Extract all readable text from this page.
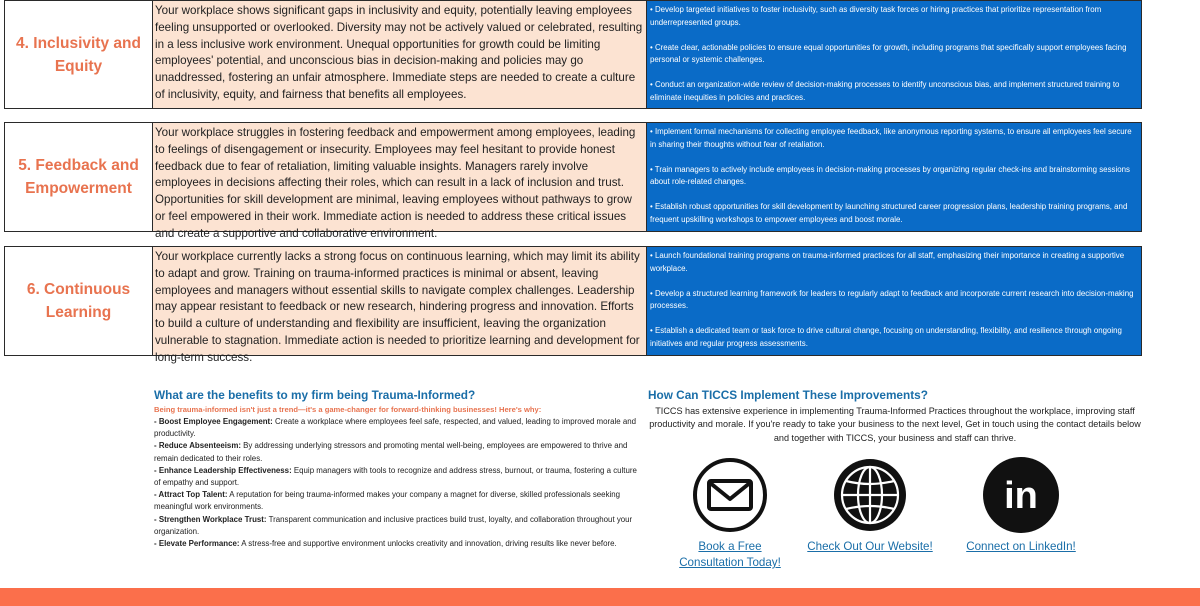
4. Inclusivity and
Equity
Your workplace shows significant gaps in inclusivity and equity, potentially leaving employees feeling unsupported or overlooked. Diversity may not be actively valued or celebrated, resulting in a less inclusive work environment. Unequal opportunities for growth could be limiting employees' potential, and unconscious bias in decision-making and policies may go unaddressed, fostering an unfair atmosphere. Immediate steps are needed to create a culture of inclusivity, equity, and fairness that benefits all employees.
• Develop targeted initiatives to foster inclusivity, such as diversity task forces or hiring practices that prioritize representation from underrepresented groups.
• Create clear, actionable policies to ensure equal opportunities for growth, including programs that specifically support employees facing personal or systemic challenges.
• Conduct an organization-wide review of decision-making processes to identify unconscious bias, and implement structured training to eliminate inequities in policies and practices.
5. Feedback and
Empowerment
Your workplace struggles in fostering feedback and empowerment among employees, leading to feelings of disengagement or insecurity. Employees may feel hesitant to provide honest feedback due to fear of retaliation, limiting valuable insights. Managers rarely involve employees in decisions affecting their roles, which can result in a lack of inclusion and trust. Opportunities for skill development are minimal, leaving employees without pathways to grow or feel empowered in their work. Immediate action is needed to address these critical issues and create a supportive and collaborative environment.
• Implement formal mechanisms for collecting employee feedback, like anonymous reporting systems, to ensure all employees feel secure in sharing their thoughts without fear of retaliation.
• Train managers to actively include employees in decision-making processes by organizing regular check-ins and brainstorming sessions about role-related changes.
• Establish robust opportunities for skill development by launching structured career progression plans, leadership training programs, and frequent upskilling workshops to empower employees and boost morale.
6. Continuous
Learning
Your workplace currently lacks a strong focus on continuous learning, which may limit its ability to adapt and grow. Training on trauma-informed practices is minimal or absent, leaving employees and managers without essential skills to navigate complex challenges. Leadership may appear resistant to feedback or new research, hindering progress and innovation. Efforts to build a culture of understanding and flexibility are insufficient, leaving the organization vulnerable to stagnation. Immediate action is needed to prioritize learning and development for long-term success.
• Launch foundational training programs on trauma-informed practices for all staff, emphasizing their importance in creating a supportive workplace.
• Develop a structured learning framework for leaders to regularly adapt to feedback and incorporate current research into decision-making processes.
• Establish a dedicated team or task force to drive cultural change, focusing on understanding, flexibility, and resilience through ongoing initiatives and regular progress assessments.
What are the benefits to my firm being Trauma-Informed?
Being trauma-informed isn't just a trend—it's a game-changer for forward-thinking businesses! Here's why:
- Boost Employee Engagement: Create a workplace where employees feel safe, respected, and valued, leading to improved morale and productivity.
- Reduce Absenteeism: By addressing underlying stressors and promoting mental well-being, employees are empowered to thrive and remain dedicated to their roles.
- Enhance Leadership Effectiveness: Equip managers with tools to recognize and address stress, burnout, or trauma, fostering a culture of empathy and support.
- Attract Top Talent: A reputation for being trauma-informed makes your company a magnet for diverse, skilled professionals seeking meaningful work environments.
- Strengthen Workplace Trust: Transparent communication and inclusive practices build trust, loyalty, and collaboration throughout your organization.
- Elevate Performance: A stress-free and supportive environment unlocks creativity and innovation, driving results like never before.
How Can TICCS Implement These Improvements?

TICCS has extensive experience in implementing Trauma-Informed Practices throughout the workplace, improving staff productivity and morale. If you're ready to take your business to the next level, Get in touch using the contact details below and together with TICCS, your business and staff can thrive.

Book a Free Consultation Today!
Check Out Our Website!
in
Connect on LinkedIn!
